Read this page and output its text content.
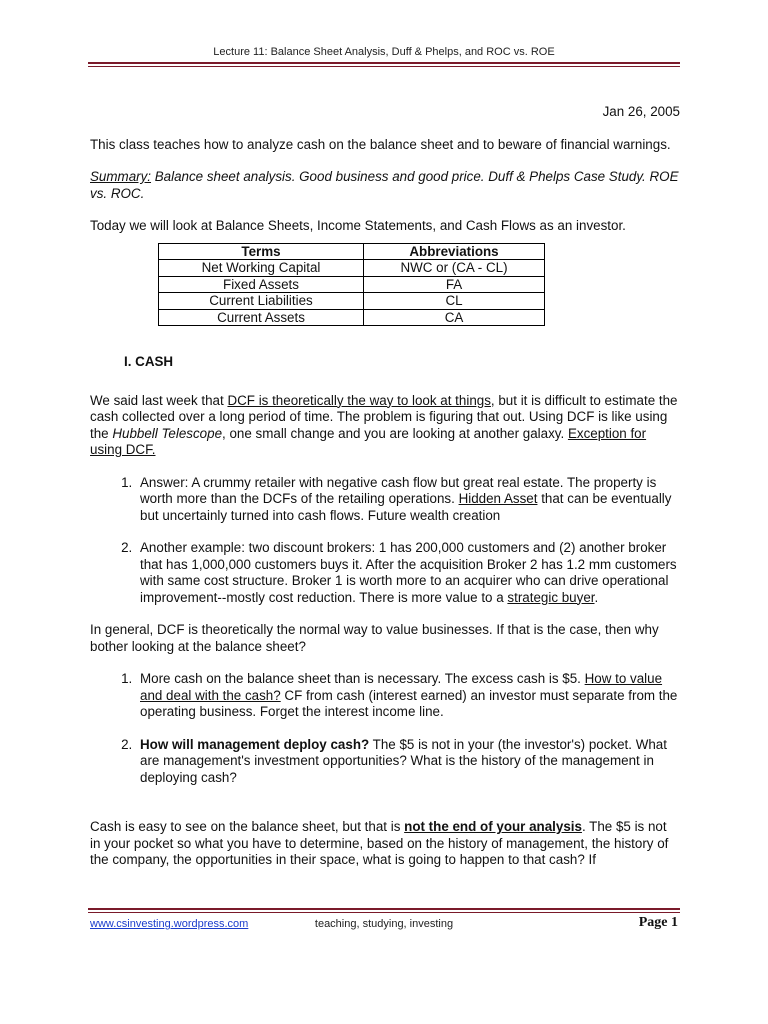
Lecture 11: Balance Sheet Analysis, Duff & Phelps, and ROC vs. ROE

Jan 26, 2005

This class teaches how to analyze cash on the balance sheet and to beware of financial warnings.

Summary: Balance sheet analysis. Good business and good price. Duff & Phelps Case Study. ROE vs. ROC.

Today we will look at Balance Sheets, Income Statements, and Cash Flows as an investor.

Terms	Abbreviations
Net Working Capital	NWC or (CA - CL)
Fixed Assets	FA
Current Liabilities	CL
Current Assets	CA
I. CASH

We said last week that DCF is theoretically the way to look at things, but it is difficult to estimate the cash collected over a long period of time. The problem is figuring that out. Using DCF is like using the Hubbell Telescope, one small change and you are looking at another galaxy. Exception for using DCF.

1. Answer: A crummy retailer with negative cash flow but great real estate. The property is worth more than the DCFs of the retailing operations. Hidden Asset that can be eventually but uncertainly turned into cash flows. Future wealth creation
2. Another example: two discount brokers: 1 has 200,000 customers and (2) another broker that has 1,000,000 customers buys it. After the acquisition Broker 2 has 1.2 mm customers with same cost structure. Broker 1 is worth more to an acquirer who can drive operational improvement--mostly cost reduction. There is more value to a strategic buyer.

In general, DCF is theoretically the normal way to value businesses. If that is the case, then why bother looking at the balance sheet?

1. More cash on the balance sheet than is necessary. The excess cash is $5. How to value and deal with the cash? CF from cash (interest earned) an investor must separate from the operating business. Forget the interest income line.
2. How will management deploy cash? The $5 is not in your (the investor's) pocket. What are management's investment opportunities? What is the history of the management in deploying cash?

Cash is easy to see on the balance sheet, but that is not the end of your analysis. The $5 is not in your pocket so what you have to determine, based on the history of management, the history of the company, the opportunities in their space, what is going to happen to that cash? If

www.csinvesting.wordpress.com	teaching, studying, investing	Page 1
